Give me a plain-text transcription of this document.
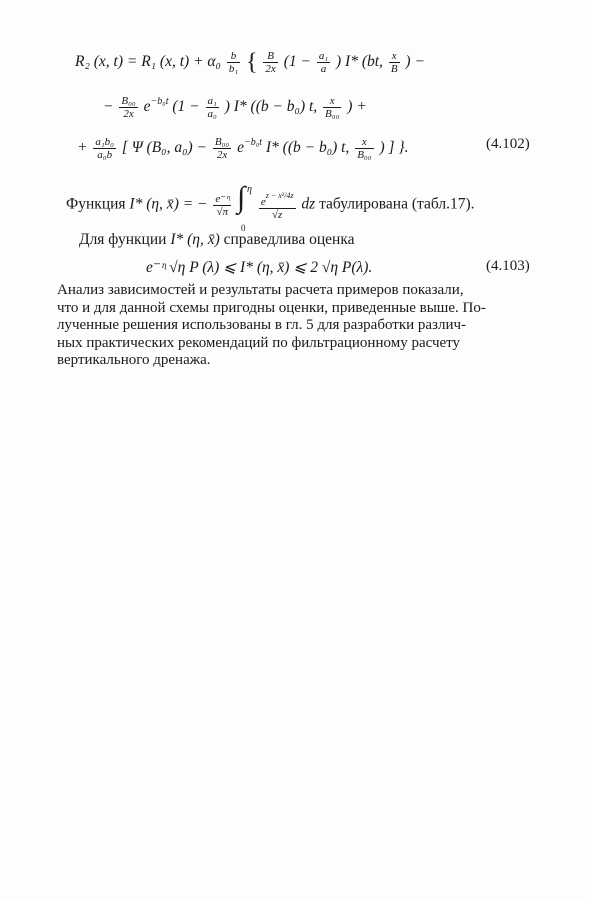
R₂ (x, t) = R₁ (x, $t) + \alpha_0 \frac{b}{\text{b₁}}$ { $\frac{B}{2x} (1 - \frac{\text{a₁}}{a}$ ) I* (bt, $\frac{x}{B}$ ) −
− $\frac{\text{B₀₀}}{2x} e^{-b_0t}$ ($1 - \frac{\text{a₁}}{\text{a₀}}$ ) I* ((b − b₀) t, $\frac{x}{\text{B₀₀}}$ ) +
+ $\frac{\text{a₁b₀}}{\text{a₀b}}$ [ Ψ (B₀, $a_0) - \frac{\text{B₀₀}}{2x} e^{-b_0t}$ I* ((b − b₀) t, $\frac{x}{\text{B₀₀}}$ ) ] }.	(4.102)
Функция I* (η, x̄) = − $\frac{\text{e⁻ᶯ}}{√\pi}$
∫ η
0

$\frac{e^{z - x^2/4z}}{√z}$ dz табулирована (табл.17).
Для функции I* (η, x̄) справедлива оценка
e⁻ᶯ √η P (λ) ⩽ I* (η, x̄) ⩽ 2 √η P(λ).	(4.103)

Анализ зависимостей и результаты расчета примеров показали,

что и для данной схемы пригодны оценки, приведенные выше. По-

лученные решения использованы в гл. 5 для разработки различ-

ных практических рекомендаций по фильтрационному расчету

вертикального дренажа.
